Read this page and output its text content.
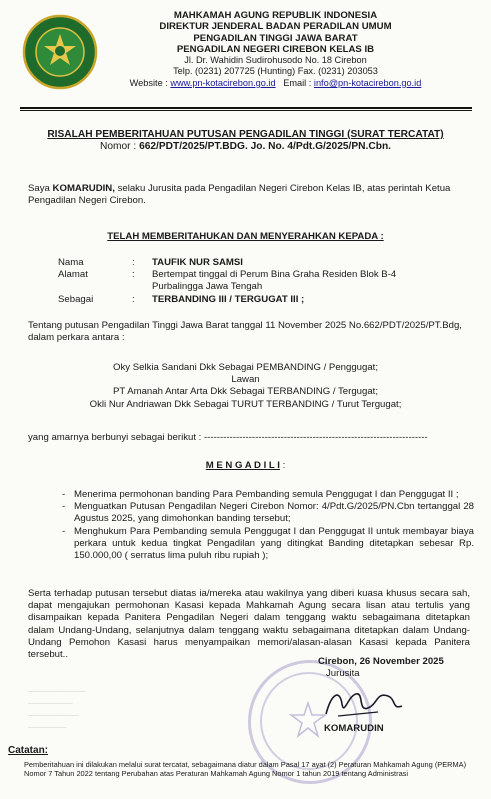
MAHKAMAH AGUNG REPUBLIK INDONESIA
DIREKTUR JENDERAL BADAN PERADILAN UMUM
PENGADILAN TINGGI JAWA BARAT
PENGADILAN NEGERI CIREBON KELAS IB
Jl. Dr. Wahidin Sudirohusodo No. 18 Cirebon
Telp. (0231) 207725 (Hunting) Fax. (0231) 203053
Website : www.pn-kotacirebon.go.id Email : info@pn-kotacirebon.go.id
RISALAH PEMBERITAHUAN PUTUSAN PENGADILAN TINGGI (SURAT TERCATAT)
Nomor : 662/PDT/2025/PT.BDG. Jo. No. 4/Pdt.G/2025/PN.Cbn.
Saya KOMARUDIN, selaku Jurusita pada Pengadilan Negeri Cirebon Kelas IB, atas perintah Ketua Pengadilan Negeri Cirebon.
TELAH MEMBERITAHUKAN DAN MENYERAHKAN KEPADA :
Nama	: TAUFIK NUR SAMSI
Alamat	:	Bertempat tinggal di Perum Bina Graha Residen Blok B-4
Purbalingga Jawa Tengah
Sebagai	: TERBANDING III / TERGUGAT III ;
Tentang putusan Pengadilan Tinggi Jawa Barat tanggal 11 November 2025 No.662/PDT/2025/PT.Bdg, dalam perkara antara :
Oky Selkia Sandani Dkk Sebagai PEMBANDING / Penggugat;
Lawan
PT Amanah Antar Arta Dkk Sebagai TERBANDING / Tergugat;
Okli Nur Andriawan Dkk Sebagai TURUT TERBANDING / Turut Tergugat;
yang amarnya berbunyi sebagai berikut : ----------------------------------------------------------------------
M E N G A D I L I :
- Menerima permohonan banding Para Pembanding semula Penggugat I dan Penggugat II ;
- Menguatkan Putusan Pengadilan Negeri Cirebon Nomor: 4/Pdt.G/2025/PN.Cbn tertanggal 28 Agustus 2025, yang dimohonkan banding tersebut;
- Menghukum Para Pembanding semula Penggugat I dan Penggugat II untuk membayar biaya perkara untuk kedua tingkat Pengadilan yang ditingkat Banding ditetapkan sebesar Rp. 150.000,00 ( serratus lima puluh ribu rupiah );
Serta terhadap putusan tersebut diatas ia/mereka atau wakilnya yang diberi kuasa khusus secara sah, dapat mengajukan permohonan Kasasi kepada Mahkamah Agung secara lisan atau tertulis yang disampaikan kepada Panitera Pengadilan Negeri dalam tenggang waktu sebagaimana ditetapkan dalam Undang-Undang, selanjutnya dalam tenggang waktu sebagaimana ditetapkan dalam Undang-Undang Pemohon Kasasi harus menyampaikan memori/alasan-alasan Kasasi kepada Panitera tersebut..
─────────
───────
────────
──────
Cirebon, 26 November 2025
Jurusita
KOMARUDIN
Catatan:
Pemberitahuan ini dilakukan melalui surat tercatat, sebagaimana diatur dalam Pasal 17 ayat (2) Peraturan Mahkamah Agung (PERMA) Nomor 7 Tahun 2022 tentang Perubahan atas Peraturan Mahkamah Agung Nomor 1 tahun 2019 tentang Administrasi
